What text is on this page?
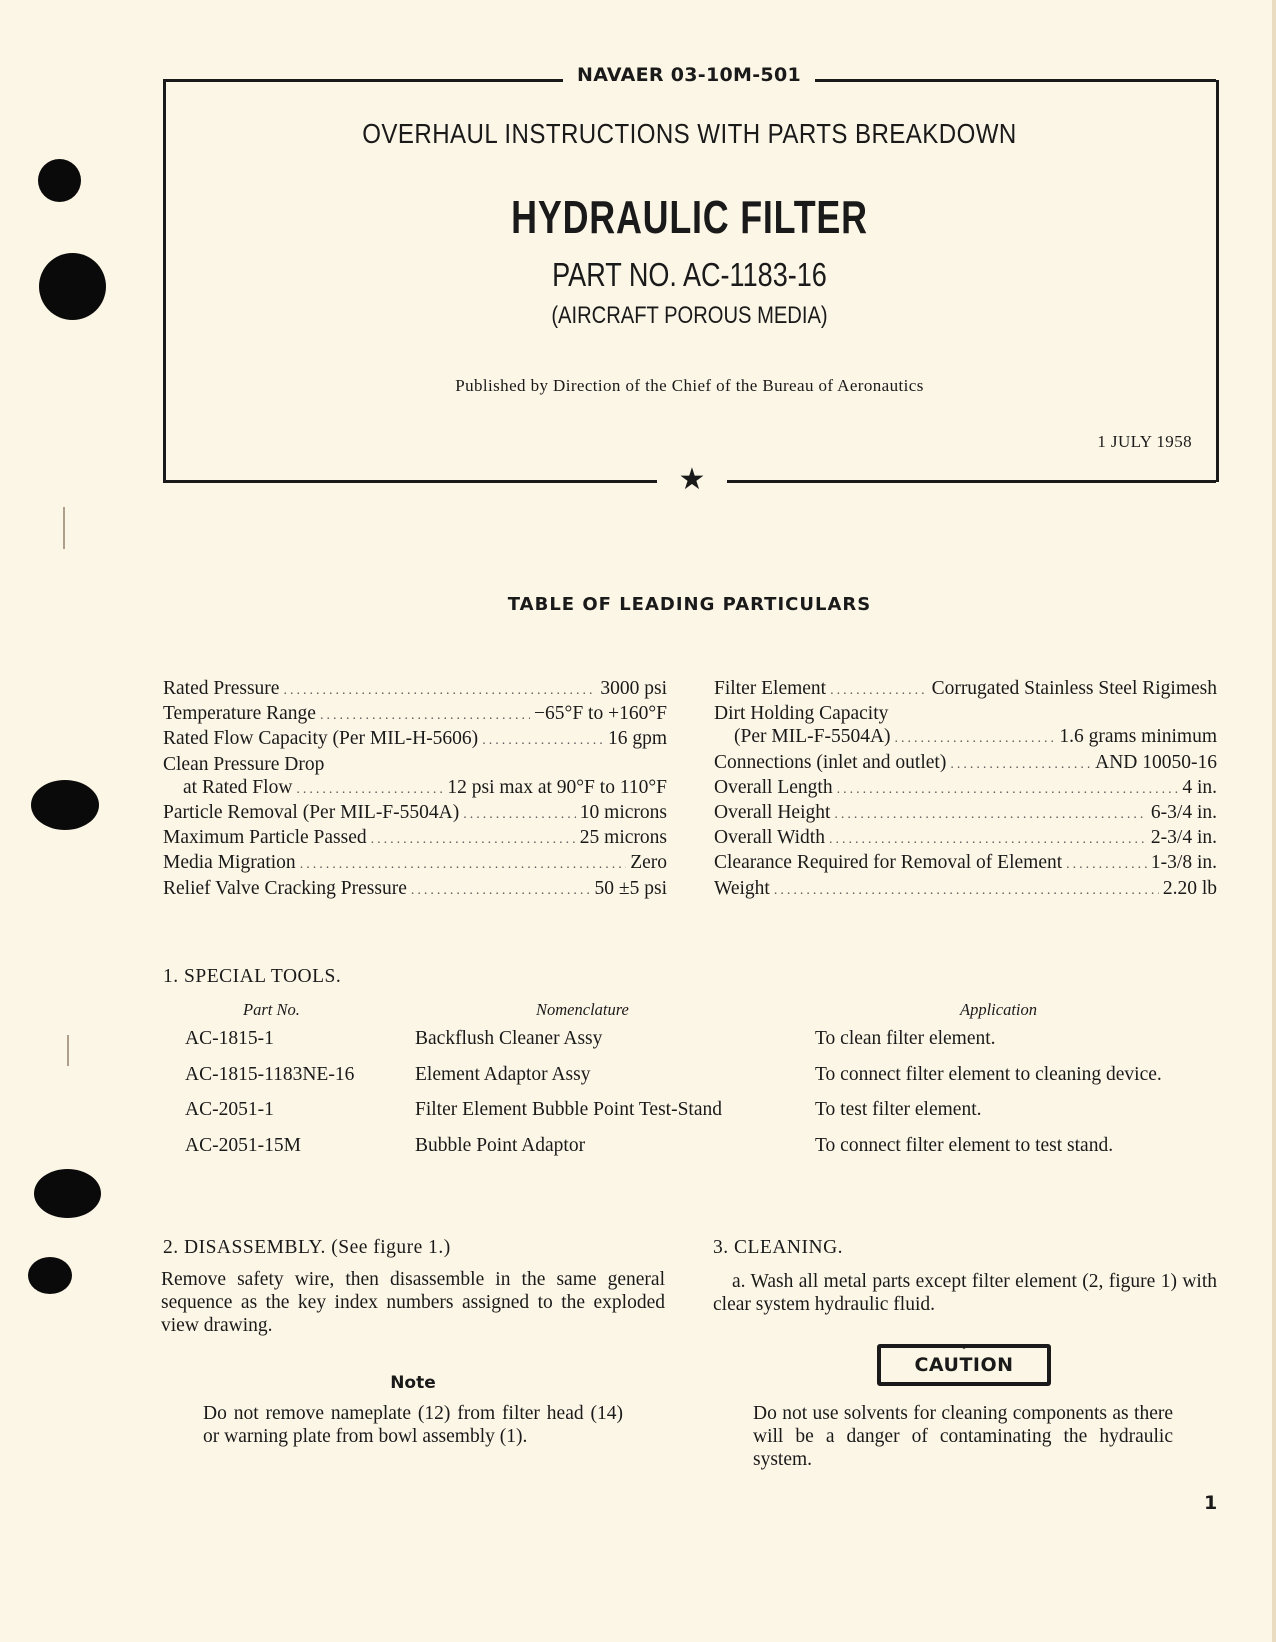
NAVAER 03-10M-501
OVERHAUL INSTRUCTIONS WITH PARTS BREAKDOWN
HYDRAULIC FILTER
PART NO. AC-1183-16
(AIRCRAFT POROUS MEDIA)
Published by Direction of the Chief of the Bureau of Aeronautics
1 JULY 1958
★
TABLE OF LEADING PARTICULARS
Rated Pressure .....	3000 psi
Temperature Range .....	−65°F to +160°F
Rated Flow Capacity (Per MIL-H-5606) .....	16 gpm
Clean Pressure Drop
at Rated Flow .....	12 psi max at 90°F to 110°F
Particle Removal (Per MIL-F-5504A) .....	10 microns
Maximum Particle Passed .....	25 microns
Media Migration .....	Zero
Relief Valve Cracking Pressure .....	50 ±5 psi
Filter Element .....	Corrugated Stainless Steel Rigimesh
Dirt Holding Capacity
(Per MIL-F-5504A) .....	1.6 grams minimum
Connections (inlet and outlet) .....	AND 10050-16
Overall Length .....	4 in.
Overall Height .....	6-3/4 in.
Overall Width .....	2-3/4 in.
Clearance Required for Removal of Element .....	1-3/8 in.
Weight .....	2.20 lb
1. SPECIAL TOOLS.
Part No.	Nomenclature	Application
AC-1815-1	Backflush Cleaner Assy	To clean filter element.
AC-1815-1183NE-16	Element Adaptor Assy	To connect filter element to cleaning device.
AC-2051-1	Filter Element Bubble Point Test-Stand	To test filter element.
AC-2051-15M	Bubble Point Adaptor	To connect filter element to test stand.
2. DISASSEMBLY. (See figure 1.)
Remove safety wire, then disassemble in the same general sequence as the key index numbers assigned to the exploded view drawing.
Note
Do not remove nameplate (12) from filter head (14) or warning plate from bowl assembly (1).
3. CLEANING.
a. Wash all metal parts except filter element (2, figure 1) with clear system hydraulic fluid.
CAUTION
Do not use solvents for cleaning components as there will be a danger of contaminating the hydraulic system.
1
